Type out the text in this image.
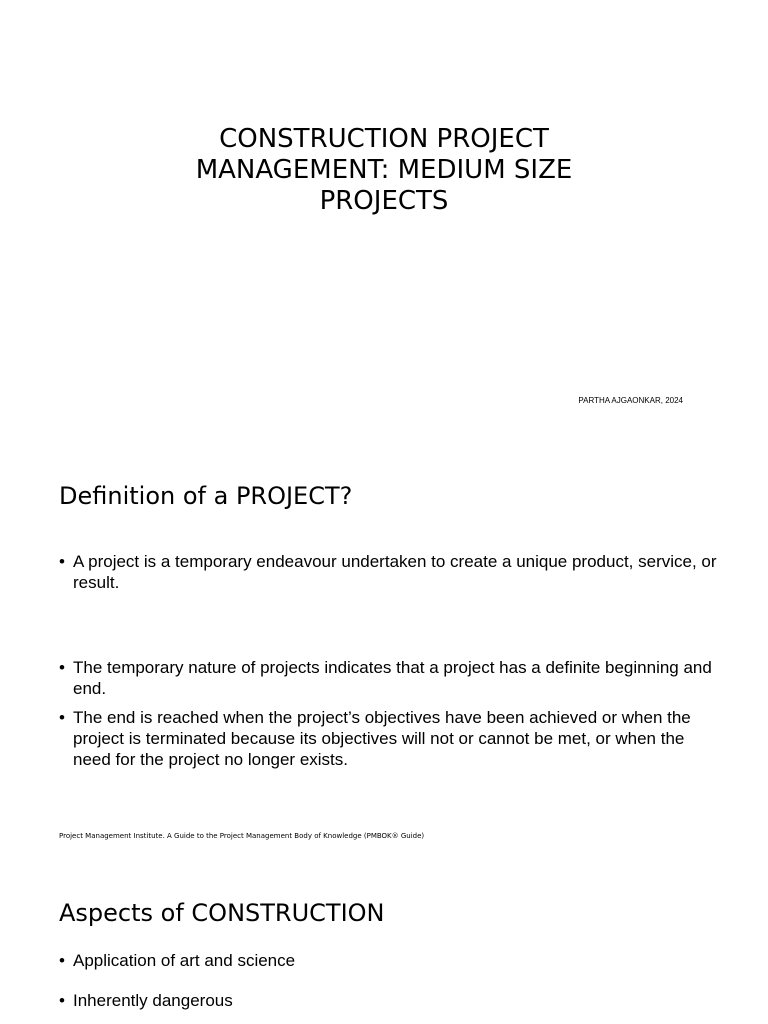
CONSTRUCTION PROJECT
MANAGEMENT: MEDIUM SIZE
PROJECTS
PARTHA AJGAONKAR, 2024
Definition of a PROJECT?
• A project is a temporary endeavour undertaken to create a unique product, service, or result.
• The temporary nature of projects indicates that a project has a definite beginning and end.
• The end is reached when the project’s objectives have been achieved or when the project is terminated because its objectives will not or cannot be met, or when the need for the project no longer exists.
Project Management Institute. A Guide to the Project Management Body of Knowledge (PMBOK® Guide)
Aspects of CONSTRUCTION
• Application of art and science
• Inherently dangerous
